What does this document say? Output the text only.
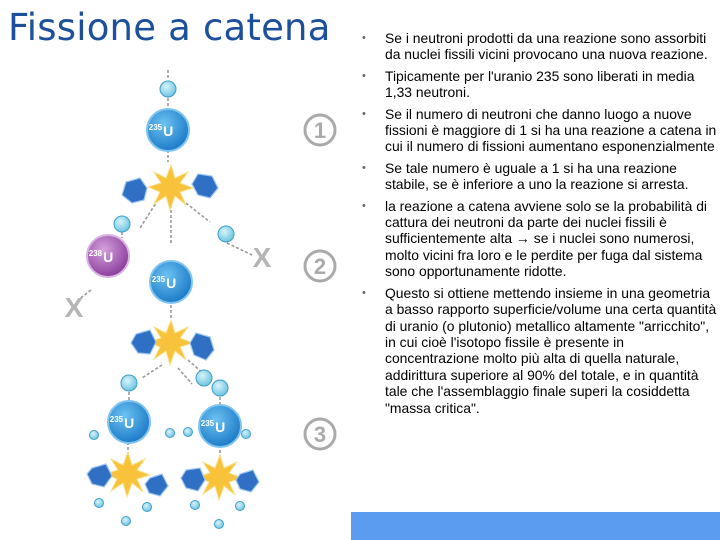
Fissione a catena
$^{235}$U
$^{238}$U
$^{235}$U
$^{235}$U	$^{235}$U
X
X
1
2
3
• Se i neutroni prodotti da una reazione sono assorbiti da nuclei fissili vicini provocano una nuova reazione.
• Tipicamente per l'uranio 235 sono liberati in media 1,33 neutroni.
• Se il numero di neutroni che danno luogo a nuove fissioni è maggiore di 1 si ha una reazione a catena in cui il numero di fissioni aumentano esponenzialmente
• Se tale numero è uguale a 1 si ha una reazione stabile, se è inferiore a uno la reazione si arresta.
• la reazione a catena avviene solo se la probabilità di cattura dei neutroni da parte dei nuclei fissili è sufficientemente alta → se i nuclei sono numerosi, molto vicini fra loro e le perdite per fuga dal sistema sono opportunamente ridotte.
• Questo si ottiene mettendo insieme in una geometria a basso rapporto superficie/volume una certa quantità di uranio (o plutonio) metallico altamente "arricchito", in cui cioè l'isotopo fissile è presente in concentrazione molto più alta di quella naturale, addirittura superiore al 90% del totale, e in quantità tale che l'assemblaggio finale superi la cosiddetta "massa critica".
